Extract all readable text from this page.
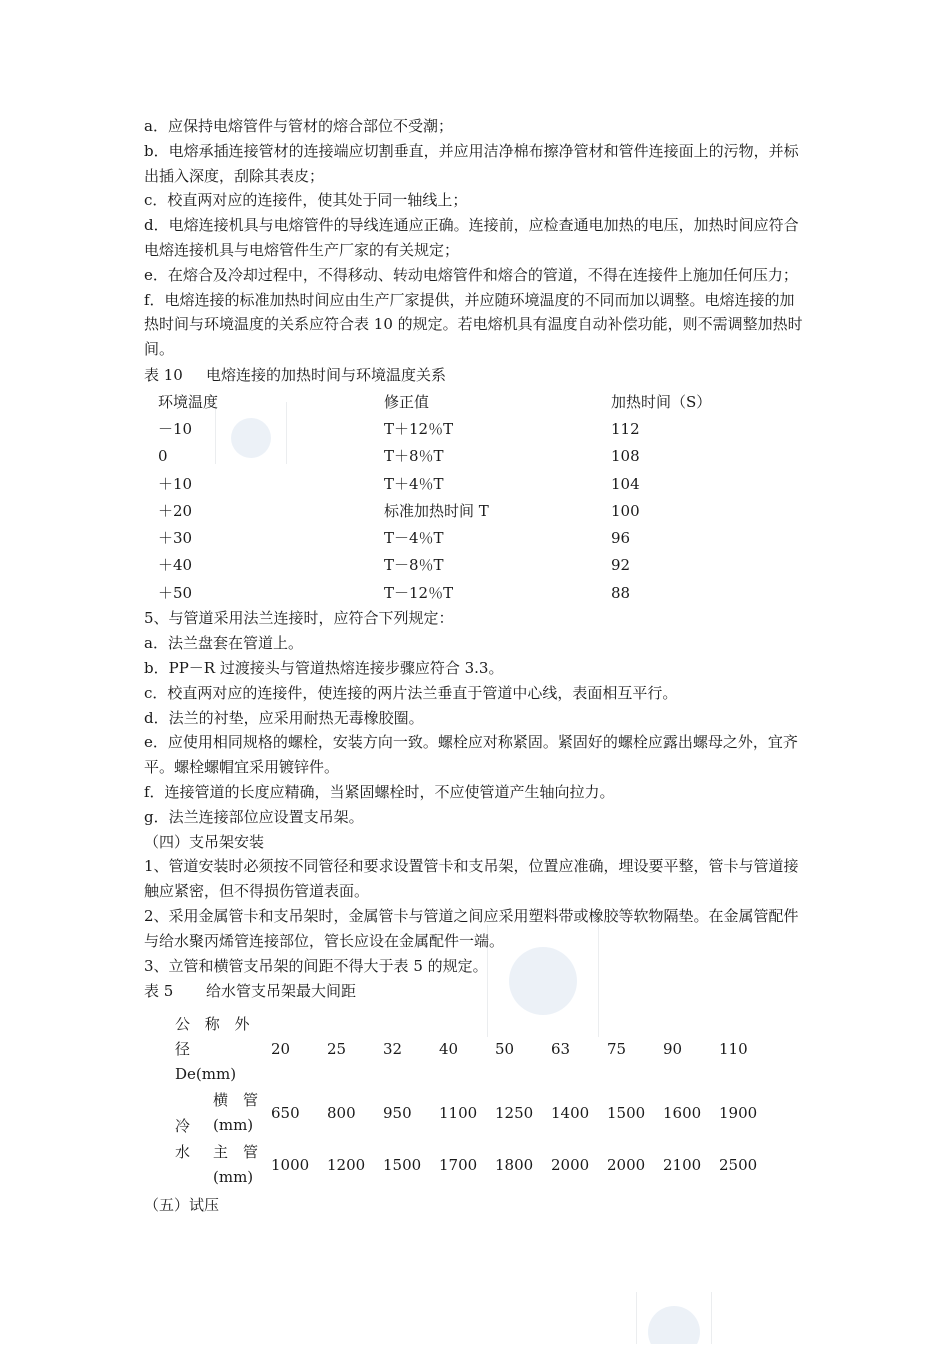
a．应保持电熔管件与管材的熔合部位不受潮；

b．电熔承插连接管材的连接端应切割垂直，并应用洁净棉布擦净管材和管件连接面上的污物，并标出插入深度，刮除其表皮；

c．校直两对应的连接件，使其处于同一轴线上；

d．电熔连接机具与电熔管件的导线连通应正确。连接前，应检查通电加热的电压，加热时间应符合电熔连接机具与电熔管件生产厂家的有关规定；

e．在熔合及冷却过程中，不得移动、转动电熔管件和熔合的管道，不得在连接件上施加任何压力；

f．电熔连接的标准加热时间应由生产厂家提供，并应随环境温度的不同而加以调整。电熔连接的加热时间与环境温度的关系应符合表 10 的规定。若电熔机具有温度自动补偿功能，则不需调整加热时间。

表 10 电熔连接的加热时间与环境温度关系

环境温度	修正值	加热时间（S）
－10	T＋12％T	112
0	T＋8％T	108
＋10	T＋4％T	104
＋20	标准加热时间 T	100
＋30	T－4％T	96
＋40	T－8％T	92
＋50	T－12％T	88

5、与管道采用法兰连接时，应符合下列规定：

a．法兰盘套在管道上。

b．PP－R 过渡接头与管道热熔连接步骤应符合 3.3。

c．校直两对应的连接件，使连接的两片法兰垂直于管道中心线，表面相互平行。

d．法兰的衬垫，应采用耐热无毒橡胶圈。

e．应使用相同规格的螺栓，安装方向一致。螺栓应对称紧固。紧固好的螺栓应露出螺母之外，宜齐平。螺栓螺帽宜采用镀锌件。

f．连接管道的长度应精确，当紧固螺栓时，不应使管道产生轴向拉力。

g．法兰连接部位应设置支吊架。

（四）支吊架安装

1、管道安装时必须按不同管径和要求设置管卡和支吊架，位置应准确，埋设要平整，管卡与管道接触应紧密，但不得损伤管道表面。

2、采用金属管卡和支吊架时，金属管卡与管道之间应采用塑料带或橡胶等软物隔垫。在金属管配件与给水聚丙烯管连接部位，管长应设在金属配件一端。

3、立管和横管支吊架的间距不得大于表 5 的规定。

表 5 给水管支吊架最大间距

公 称 外 径
De(mm)	20	25	32	40	50	63	75	90	110

冷
横　管
(mm)	650	800	950	1100	1250	1400	1500	1600	1900

水 主　管
(mm)	1000	1200	1500	1700	1800	2000	2000	2100	2500

（五）试压
